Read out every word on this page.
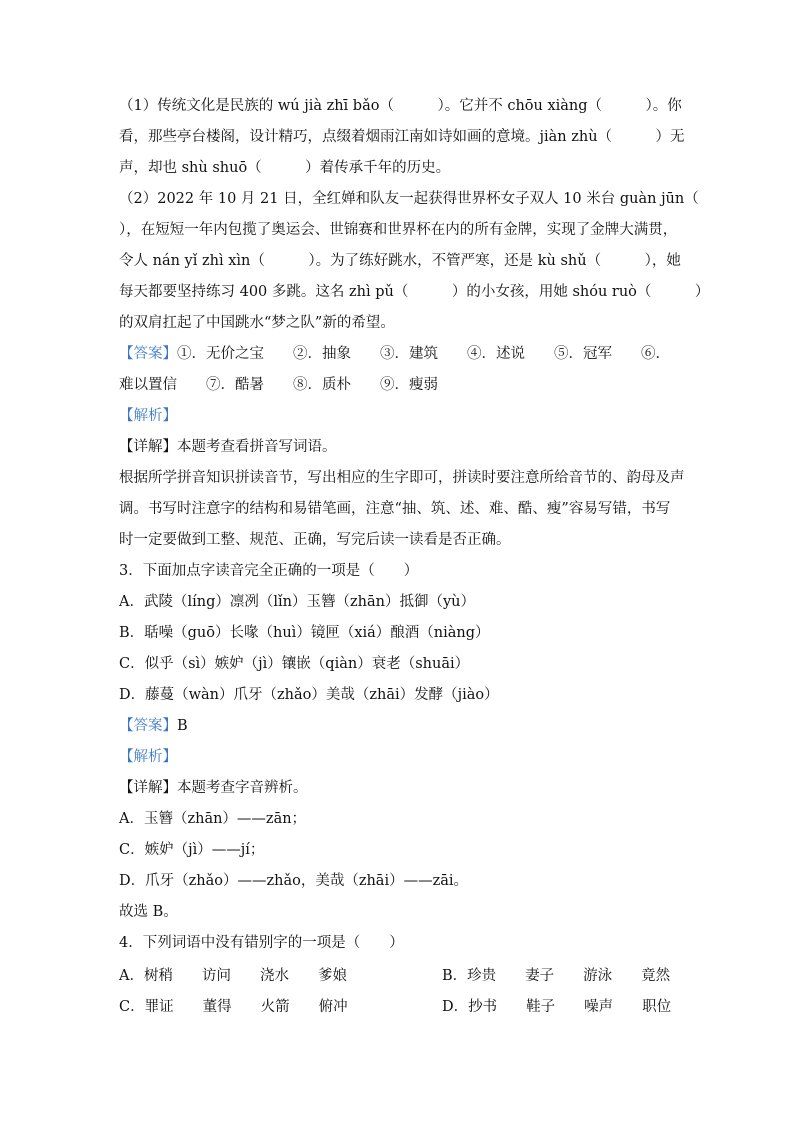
（1）传统文化是民族的 wú jià zhī bǎo（　　　）。它并不 chōu xiàng（　　　）。你
看，那些亭台楼阁，设计精巧，点缀着烟雨江南如诗如画的意境。jiàn zhù（　　　）无
声，却也 shù shuō（　　　）着传承千年的历史。
（2）2022 年 10 月 21 日，全红婵和队友一起获得世界杯女子双人 10 米台 guàn jūn（
），在短短一年内包揽了奥运会、世锦赛和世界杯在内的所有金牌，实现了金牌大满贯，
令人 nán yǐ zhì xìn（　　　）。为了练好跳水，不管严寒，还是 kù shǔ（　　　），她
每天都要坚持练习 400 多跳。这名 zhì pǔ（　　　）的小女孩，用她 shóu ruò（　　　）
的双肩扛起了中国跳水“梦之队”新的希望。
【答案】①．无价之宝　　②．抽象　　③．建筑　　④．述说　　⑤．冠军　　⑥．
难以置信　　⑦．酷暑　　⑧．质朴　　⑨．瘦弱
【解析】
【详解】本题考查看拼音写词语。
根据所学拼音知识拼读音节，写出相应的生字即可，拼读时要注意所给音节的、韵母及声
调。书写时注意字的结构和易错笔画，注意“抽、筑、述、难、酷、瘦”容易写错，书写
时一定要做到工整、规范、正确，写完后读一读看是否正确。
3．下面加点字读音完全正确的一项是（　　）
A．武陵（líng）凛冽（lǐn）玉簪（zhān）抵御（yù）
B．聒噪（guō）长喙（huì）镜匣（xiá）酿酒（niàng）
C．似乎（sì）嫉妒（jì）镶嵌（qiàn）衰老（shuāi）
D．藤蔓（wàn）爪牙（zhǎo）美哉（zhāi）发酵（jiào）
【答案】B
【解析】
【详解】本题考查字音辨析。
A．玉簪（zhān）——zān；
C．嫉妒（jì）——jí；
D．爪牙（zhǎo）——zhǎo，美哉（zhāi）——zāi。
故选 B。
4．下列词语中没有错别字的一项是（　　）
A．树稍　　访问　　浇水　　爹娘	B．珍贵　　妻子　　游泳　　竟然
C．罪证　　董得　　火箭　　俯冲	D．抄书　　鞋子　　噪声　　职位
